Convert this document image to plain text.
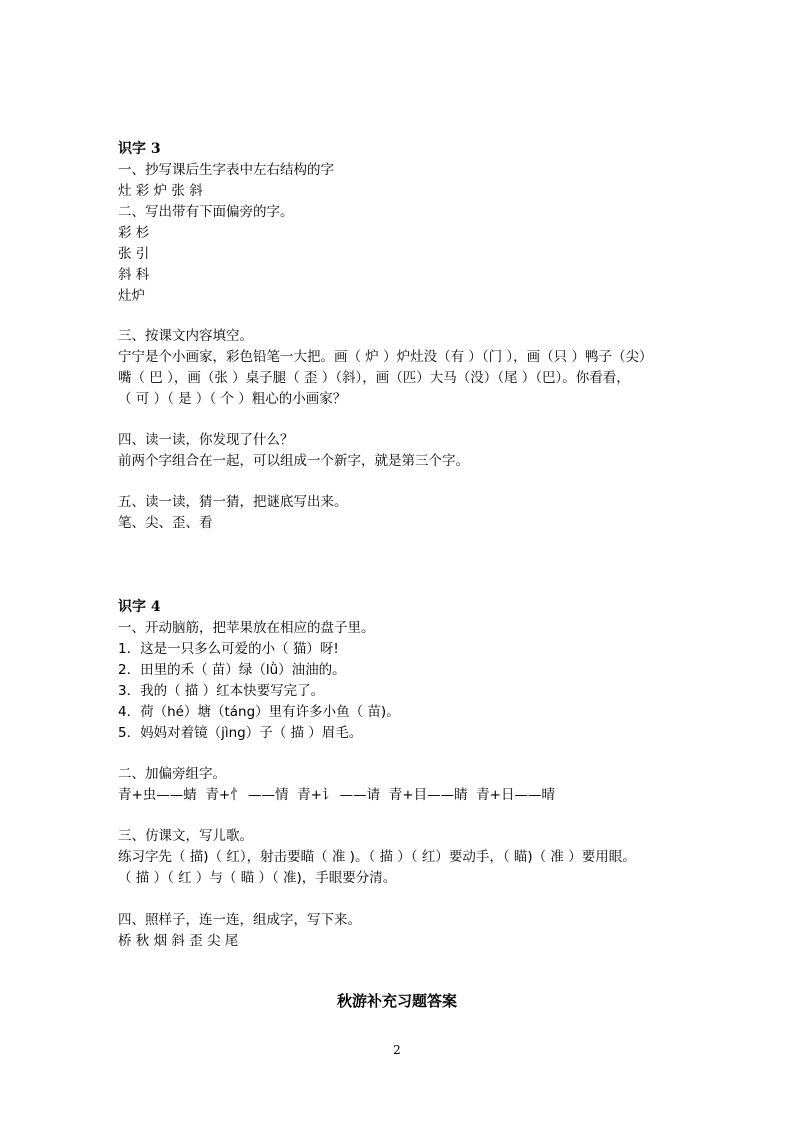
识字 3
一、抄写课后生字表中左右结构的字
灶 彩 炉 张 斜
二、写出带有下面偏旁的字。
彩 杉
张 引
斜 科
灶炉
三、按课文内容填空。
宁宁是个小画家，彩色铅笔一大把。画（ 炉 ）炉灶没（有 ）（门 ），画（只 ）鸭子（尖）
嘴（ 巴 ），画（张 ）桌子腿（ 歪 ）（斜），画（匹）大马（没）（尾 ）（巴）。你看看，
（ 可 ）（ 是 ）（ 个 ）粗心的小画家？
四、读一读，你发现了什么？
前两个字组合在一起，可以组成一个新字，就是第三个字。
五、读一读，猜一猜，把谜底写出来。
笔、尖、歪、看
识字 4
一、开动脑筋，把苹果放在相应的盘子里。
1．这是一只多么可爱的小（ 猫）呀!
2．田里的禾（ 苗）绿（lǜ）油油的。
3．我的（ 描 ）红本快要写完了。
4．荷（hé）塘（táng）里有许多小鱼（ 苗)。
5．妈妈对着镜（jìng）子（ 描 ）眉毛。
二、加偏旁组字。
青+虫——蜻  青+忄 ——情  青+讠 ——请  青+目——睛  青+日——晴
三、仿课文，写儿歌。
练习字先（ 描)（ 红），射击要瞄（ 准 )。（ 描 ）（ 红）要动手，（ 瞄)（ 准 ）要用眼。
（ 描 ）（ 红 ）与（ 瞄 ）（ 准)，手眼要分清。
四、照样子，连一连，组成字，写下来。
桥 秋 烟 斜 歪 尖 尾
秋游补充习题答案
2
